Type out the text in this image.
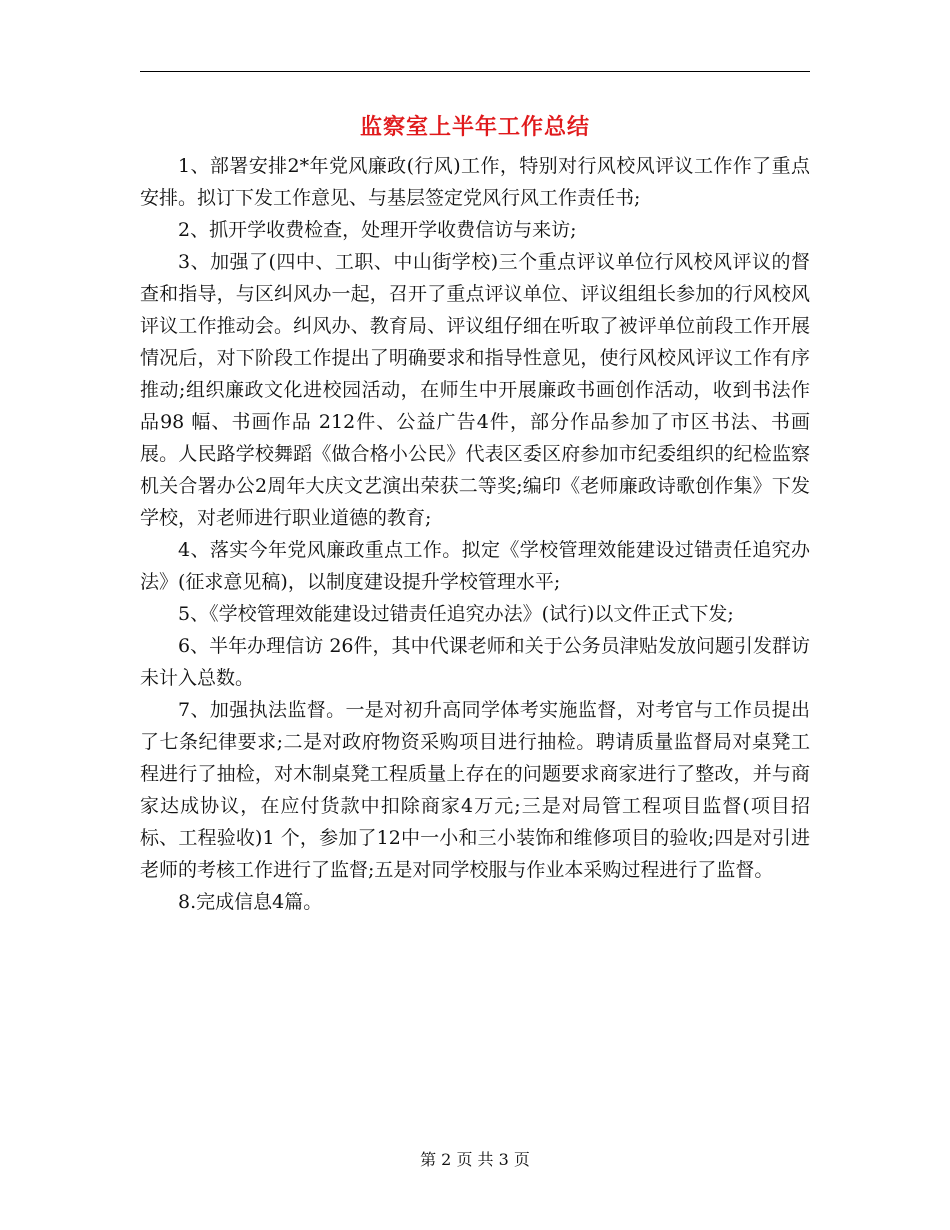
监察室上半年工作总结

1、部署安排2*年党风廉政(行风)工作，特别对行风校风评议工作作了重点安排。拟订下发工作意见、与基层签定党风行风工作责任书;

2、抓开学收费检查，处理开学收费信访与来访;

3、加强了(四中、工职、中山街学校)三个重点评议单位行风校风评议的督查和指导，与区纠风办一起，召开了重点评议单位、评议组组长参加的行风校风评议工作推动会。纠风办、教育局、评议组仔细在听取了被评单位前段工作开展情况后，对下阶段工作提出了明确要求和指导性意见，使行风校风评议工作有序推动;组织廉政文化进校园活动，在师生中开展廉政书画创作活动，收到书法作品98 幅、书画作品 212件、公益广告4件，部分作品参加了市区书法、书画展。人民路学校舞蹈《做合格小公民》代表区委区府参加市纪委组织的纪检监察机关合署办公2周年大庆文艺演出荣获二等奖;编印《老师廉政诗歌创作集》下发学校，对老师进行职业道德的教育;

4、落实今年党风廉政重点工作。拟定《学校管理效能建设过错责任追究办法》(征求意见稿)，以制度建设提升学校管理水平;

5、《学校管理效能建设过错责任追究办法》(试行)以文件正式下发;

6、半年办理信访 26件，其中代课老师和关于公务员津贴发放问题引发群访未计入总数。

7、加强执法监督。一是对初升高同学体考实施监督，对考官与工作员提出了七条纪律要求;二是对政府物资采购项目进行抽检。聘请质量监督局对桌凳工程进行了抽检，对木制桌凳工程质量上存在的问题要求商家进行了整改，并与商家达成协议，在应付货款中扣除商家4万元;三是对局管工程项目监督(项目招标、工程验收)1 个，参加了12中一小和三小装饰和维修项目的验收;四是对引进老师的考核工作进行了监督;五是对同学校服与作业本采购过程进行了监督。

8.完成信息4篇。

第 2 页 共 3 页
